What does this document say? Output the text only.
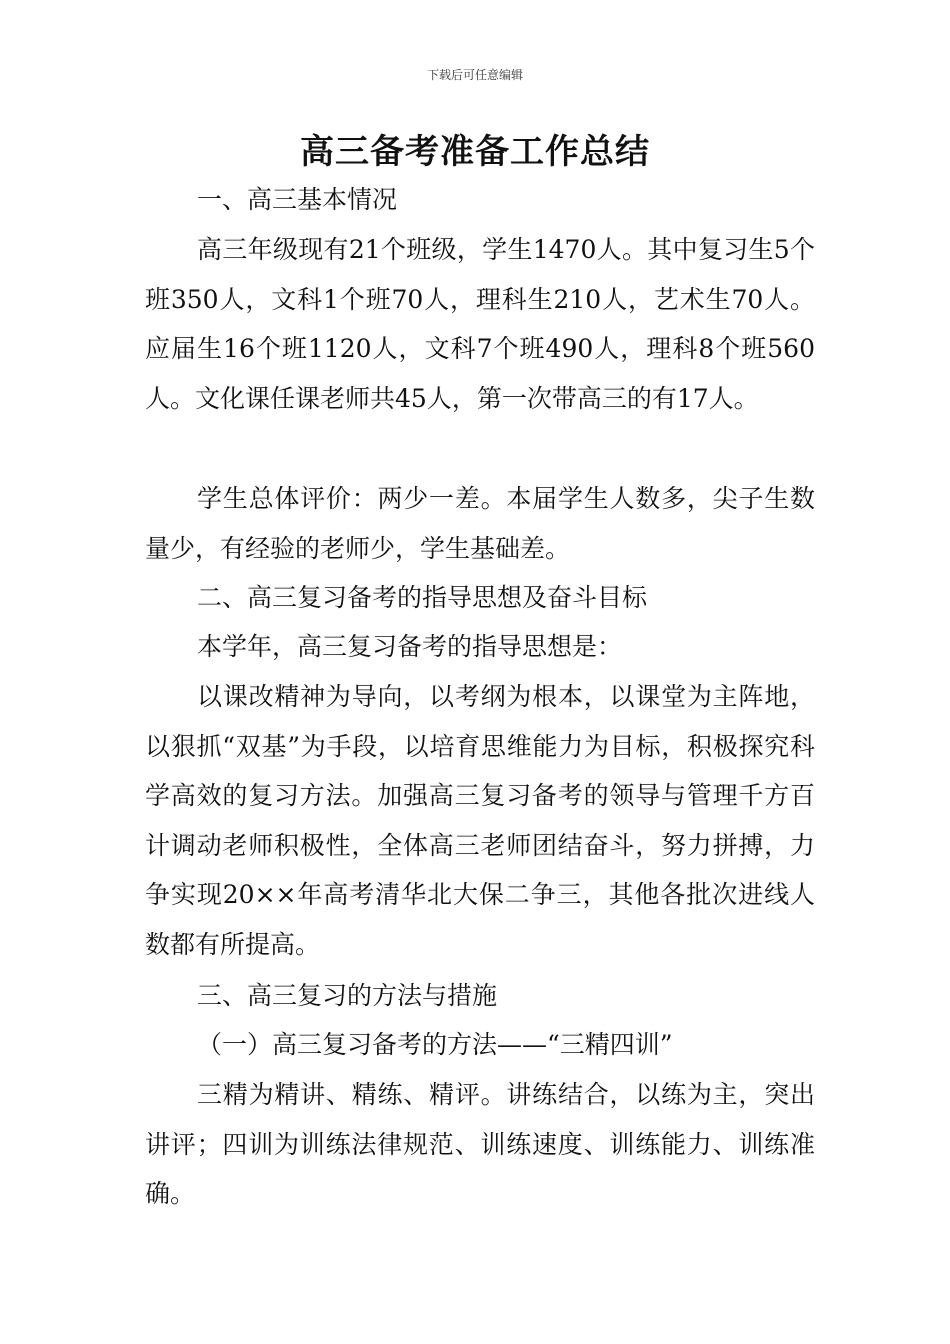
下载后可任意编辑
高三备考准备工作总结
一、高三基本情况
高三年级现有21个班级，学生1470人。其中复习生5个班350人，文科1个班70人，理科生210人，艺术生70人。应届生16个班1120人，文科7个班490人，理科8个班560人。文化课任课老师共45人，第一次带高三的有17人。
学生总体评价：两少一差。本届学生人数多，尖子生数量少，有经验的老师少，学生基础差。
二、高三复习备考的指导思想及奋斗目标
本学年，高三复习备考的指导思想是：
以课改精神为导向，以考纲为根本，以课堂为主阵地，以狠抓“双基”为手段，以培育思维能力为目标，积极探究科学高效的复习方法。加强高三复习备考的领导与管理千方百计调动老师积极性，全体高三老师团结奋斗，努力拼搏，力争实现20××年高考清华北大保二争三，其他各批次进线人数都有所提高。
三、高三复习的方法与措施
（一）高三复习备考的方法——“三精四训”
三精为精讲、精练、精评。讲练结合，以练为主，突出讲评；四训为训练法律规范、训练速度、训练能力、训练准确。
